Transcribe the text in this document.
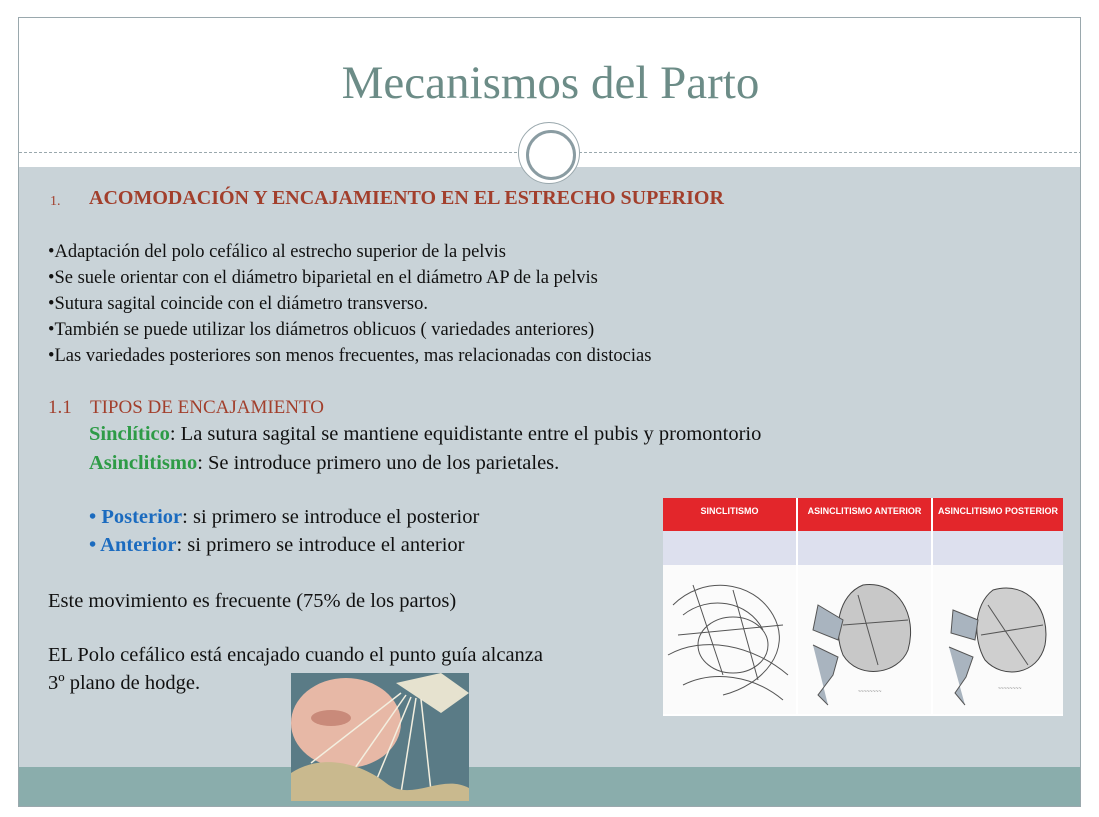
Mecanismos del Parto
1. ACOMODACIÓN Y ENCAJAMIENTO EN EL ESTRECHO SUPERIOR
•Adaptación del polo cefálico al estrecho superior de la pelvis
•Se suele orientar con el diámetro biparietal en el diámetro AP de la pelvis
•Sutura sagital coincide con el diámetro transverso.
•También se puede utilizar los diámetros oblicuos ( variedades anteriores)
•Las variedades posteriores son menos frecuentes, mas relacionadas con distocias
1.1 TIPOS DE ENCAJAMIENTO
Sinclítico: La sutura sagital se mantiene equidistante entre el pubis y promontorio
Asinclitismo: Se introduce primero uno de los parietales.
• Posterior: si primero se introduce el posterior
• Anterior: si primero se introduce el anterior
Este movimiento es frecuente (75% de los partos)
EL Polo cefálico está encajado cuando el punto guía alcanza
3º plano de hodge.
SINCLITISMO	ASINCLITISMO ANTERIOR	ASINCLITISMO POSTERIOR
~~~~~~~~	~~~~~~~~
